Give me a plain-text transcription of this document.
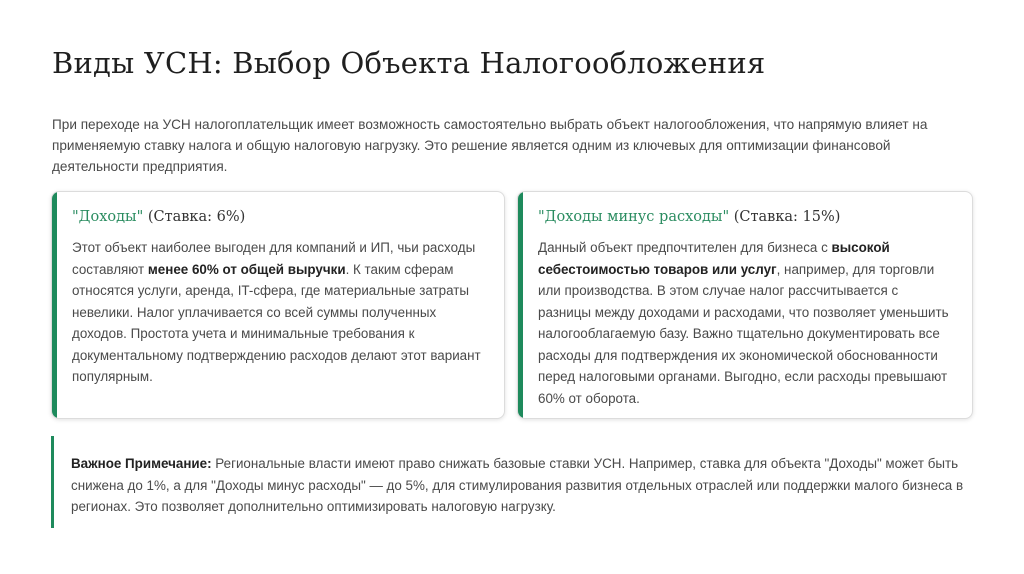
Виды УСН: Выбор Объекта Налогообложения

При переходе на УСН налогоплательщик имеет возможность самостоятельно выбрать объект налогообложения, что напрямую влияет на применяемую ставку налога и общую налоговую нагрузку. Это решение является одним из ключевых для оптимизации финансовой деятельности предприятия.

"Доходы" (Ставка: 6%)

Этот объект наиболее выгоден для компаний и ИП, чьи расходы составляют менее 60% от общей выручки. К таким сферам относятся услуги, аренда, IT-сфера, где материальные затраты невелики. Налог уплачивается со всей суммы полученных доходов. Простота учета и минимальные требования к документальному подтверждению расходов делают этот вариант популярным.

"Доходы минус расходы" (Ставка: 15%)

Данный объект предпочтителен для бизнеса с высокой себестоимостью товаров или услуг, например, для торговли или производства. В этом случае налог рассчитывается с разницы между доходами и расходами, что позволяет уменьшить налогооблагаемую базу. Важно тщательно документировать все расходы для подтверждения их экономической обоснованности перед налоговыми органами. Выгодно, если расходы превышают 60% от оборота.

Важное Примечание: Региональные власти имеют право снижать базовые ставки УСН. Например, ставка для объекта "Доходы" может быть снижена до 1%, а для "Доходы минус расходы" — до 5%, для стимулирования развития отдельных отраслей или поддержки малого бизнеса в регионах. Это позволяет дополнительно оптимизировать налоговую нагрузку.
